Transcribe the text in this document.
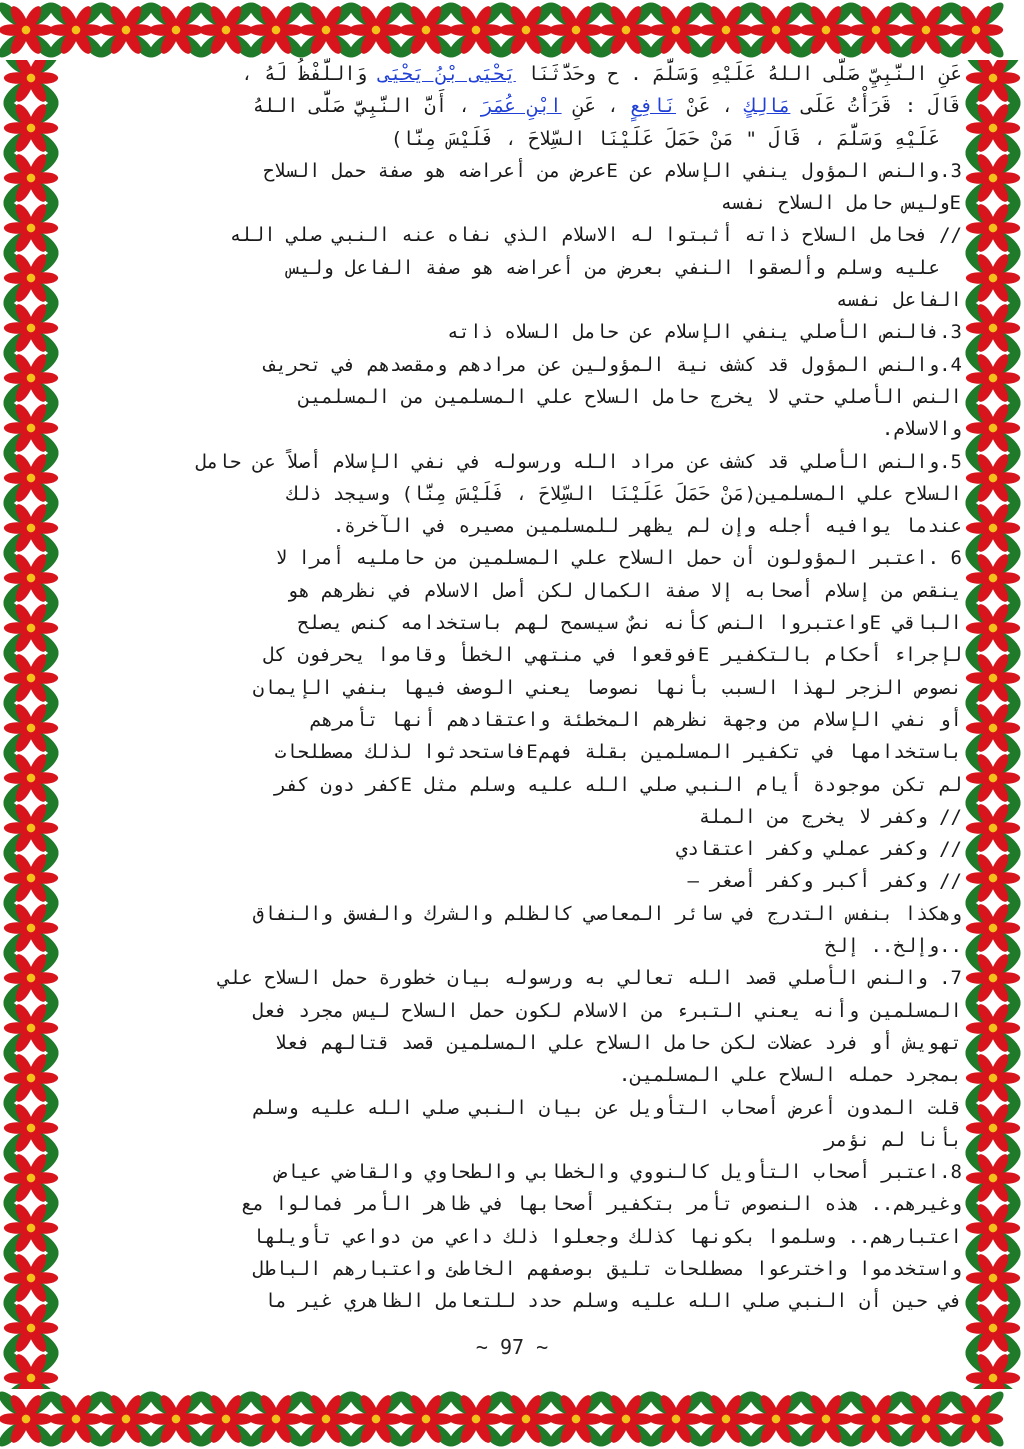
عَنِ النَّبِيِّ صَلَّى اللهُ عَلَيْهِ وَسَلَّمَ . ح وحَدَّثَنَا يَحْيَى بْنُ يَحْيَى وَاللَّفْظُ لَهُ ،

قَالَ : قَرَأْتُ عَلَى مَالِكٍ ، عَنْ نَافِعٍ ، عَنِ ابْنِ عُمَرَ ، أَنَّ النَّبِيَّ صَلَّى اللهُ

عَلَيْهِ وَسَلَّمَ ، قَالَ " مَنْ حَمَلَ عَلَيْنَا السِّلاحَ ، فَلَيْسَ مِنَّا)

3.والنص المؤول ينفي الإسلام عن Eعرض من أعراضه هو صفة حمل السلاح

Eوليس حامل السلاح نفسه

// فحامل السلاح ذاته أثبتوا له الاسلام الذي نفاه عنه النبي صلي الله

عليه وسلم وألصقوا النفي بعرض من أعراضه هو صفة الفاعل وليس

الفاعل نفسه

3.فالنص الأصلي ينفي الإسلام عن حامل السلاه ذاته

4.والنص المؤول قد كشف نية المؤولين عن مرادهم ومقصدهم في تحريف

النص الأصلي حتي لا يخرج حامل السلاح علي المسلمين من المسلمين

والاسلام.

5.والنص الأصلي قد كشف عن مراد الله ورسوله في نفي الإسلام أصلاً عن حامل

السلاح علي المسلمين(مَنْ حَمَلَ عَلَيْنَا السِّلاحَ ، فَلَيْسَ مِنَّا) وسيجد ذلك

عندما يوافيه أجله وإن لم يظهر للمسلمين مصيره في الآخرة.

6 .اعتبر المؤولون أن حمل السلاح علي المسلمين من حامليه أمرا لا

ينقص من إسلام أصحابه إلا صفة الكمال لكن أصل الاسلام في نظرهم هو

الباقي Eواعتبروا النص كأنه نصٌ سيسمح لهم باستخدامه كنص يصلح

لإجراء أحكام بالتكفير Eفوقعوا في منتهي الخطأ وقاموا يحرفون كل

نصوص الزجر لهذا السبب بأنها نصوصا يعني الوصف فيها بنفي الإيمان

أو نفي الإسلام من وجهة نظرهم المخطئة واعتقادهم أنها تأمرهم

باستخدامها في تكفير المسلمين بقلة فهمEفاستحدثوا لذلك مصطلحات

لم تكن موجودة أيام النبي صلي الله عليه وسلم مثل Eكفر دون كفر

// وكفر لا يخرج من الملة

// وكفر عملي وكفر اعتقادي

// وكفر أكبر وكفر أصغر –

وهكذا بنفس التدرج في سائر المعاصي كالظلم والشرك والفسق والنفاق

..وإلخ.. إلخ

7. والنص الأصلي قصد الله تعالي به ورسوله بيان خطورة حمل السلاح علي

المسلمين وأنه يعني التبرء من الاسلام لكون حمل السلاح ليس مجرد فعل

تهويش أو فرد عضلات لكن حامل السلاح علي المسلمين قصد قتالهم فعلا

بمجرد حمله السلاح علي المسلمين.

قلت المدون أعرض أصحاب التأويل عن بيان النبي صلي الله عليه وسلم

بأنا لم نؤمر

8.اعتبر أصحاب التأويل كالنووي والخطابي والطحاوي والقاضي عياض

وغيرهم.. هذه النصوص تأمر بتكفير أصحابها في ظاهر الأمر فمالوا مع

اعتبارهم.. وسلموا بكونها كذلك وجعلوا ذلك داعي من دواعي تأويلها

واستخدموا واخترعوا مصطلحات تليق بوصفهم الخاطئ واعتبارهم الباطل

في حين أن النبي صلي الله عليه وسلم حدد للتعامل الظاهري غير ما

~ 97 ~
